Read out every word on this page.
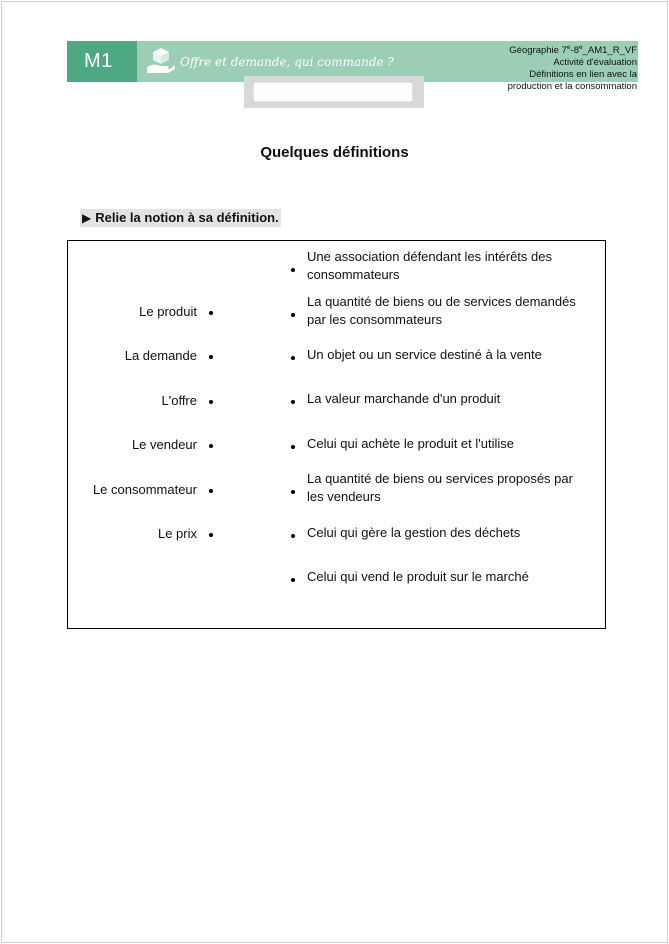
M1	Offre et demande, qui commande ?
Géographie 7e-8e_AM1_R_VF
Activité d'évaluation
Définitions en lien avec la
production et la consommation
Quelques définitions
▶ Relie la notion à sa définition.
Le produit
La demande
L'offre
Le vendeur
Le consommateur
Le prix
Une association défendant les intérêts des consommateurs
La quantité de biens ou de services demandés par les consommateurs
Un objet ou un service destiné à la vente
La valeur marchande d'un produit
Celui qui achète le produit et l'utilise
La quantité de biens ou services proposés par les vendeurs
Celui qui gère la gestion des déchets
Celui qui vend le produit sur le marché
